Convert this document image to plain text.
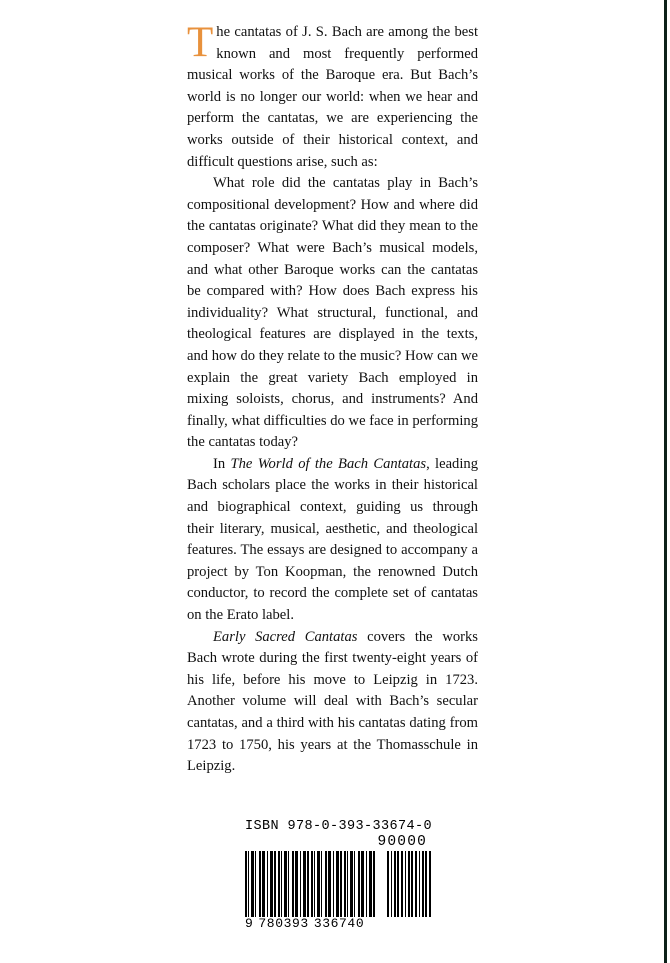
The cantatas of J. S. Bach are among the best known and most frequently performed musical works of the Baroque era. But Bach’s world is no longer our world: when we hear and perform the cantatas, we are experiencing the works outside of their historical context, and difficult questions arise, such as:

What role did the cantatas play in Bach’s compositional development? How and where did the cantatas originate? What did they mean to the composer? What were Bach’s musical models, and what other Baroque works can the cantatas be compared with? How does Bach express his individuality? What structural, functional, and theological features are displayed in the texts, and how do they relate to the music? How can we explain the great variety Bach employed in mixing soloists, chorus, and instruments? And finally, what difficulties do we face in performing the cantatas today?

In The World of the Bach Cantatas, leading Bach scholars place the works in their historical and biographical context, guiding us through their literary, musical, aesthetic, and theological features. The essays are designed to accompany a project by Ton Koopman, the renowned Dutch conductor, to record the complete set of cantatas on the Erato label.

Early Sacred Cantatas covers the works Bach wrote during the first twenty-eight years of his life, before his move to Leipzig in 1723. Another volume will deal with Bach’s secular cantatas, and a third with his cantatas dating from 1723 to 1750, his years at the Thomasschule in Leipzig.

ISBN 978-0-393-33674-0
90000
9 780393 336740
